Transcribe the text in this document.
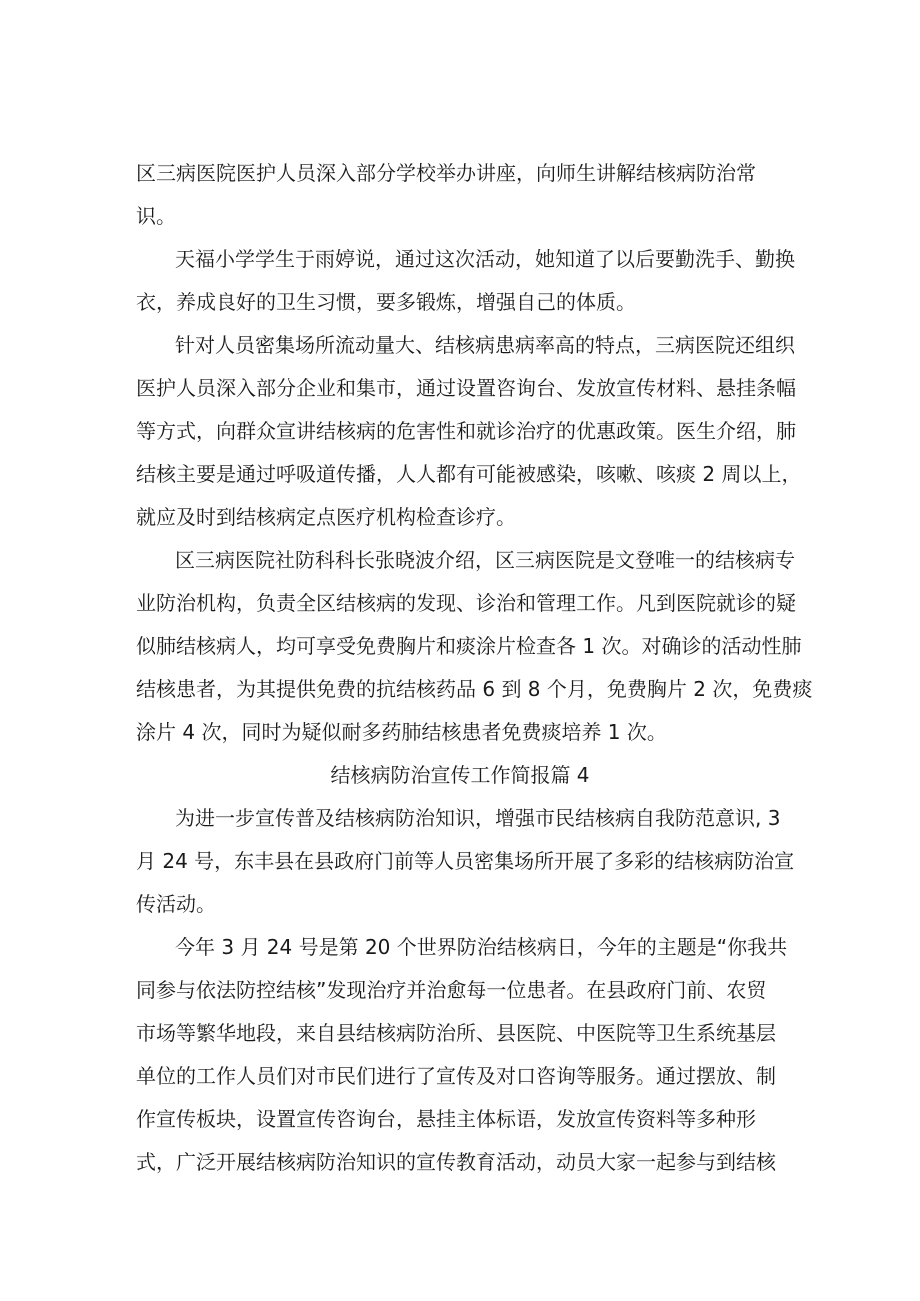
区三病医院医护人员深入部分学校举办讲座，向师生讲解结核病防治常
识。
天福小学学生于雨婷说，通过这次活动，她知道了以后要勤洗手、勤换
衣，养成良好的卫生习惯，要多锻炼，增强自己的体质。
针对人员密集场所流动量大、结核病患病率高的特点，三病医院还组织
医护人员深入部分企业和集市，通过设置咨询台、发放宣传材料、悬挂条幅
等方式，向群众宣讲结核病的危害性和就诊治疗的优惠政策。医生介绍，肺
结核主要是通过呼吸道传播，人人都有可能被感染，咳嗽、咳痰 2 周以上，
就应及时到结核病定点医疗机构检查诊疗。
区三病医院社防科科长张晓波介绍，区三病医院是文登唯一的结核病专
业防治机构，负责全区结核病的发现、诊治和管理工作。凡到医院就诊的疑
似肺结核病人，均可享受免费胸片和痰涂片检查各 1 次。对确诊的活动性肺
结核患者，为其提供免费的抗结核药品 6 到 8 个月，免费胸片 2 次，免费痰
涂片 4 次，同时为疑似耐多药肺结核患者免费痰培养 1 次。
结核病防治宣传工作简报篇 4
为进一步宣传普及结核病防治知识，增强市民结核病自我防范意识, 3
月 24 号，东丰县在县政府门前等人员密集场所开展了多彩的结核病防治宣
传活动。
今年 3 月 24 号是第 20 个世界防治结核病日，今年的主题是“你我共
同参与依法防控结核”发现治疗并治愈每一位患者。在县政府门前、农贸
市场等繁华地段，来自县结核病防治所、县医院、中医院等卫生系统基层
单位的工作人员们对市民们进行了宣传及对口咨询等服务。通过摆放、制
作宣传板块，设置宣传咨询台，悬挂主体标语，发放宣传资料等多种形
式，广泛开展结核病防治知识的宣传教育活动，动员大家一起参与到结核
